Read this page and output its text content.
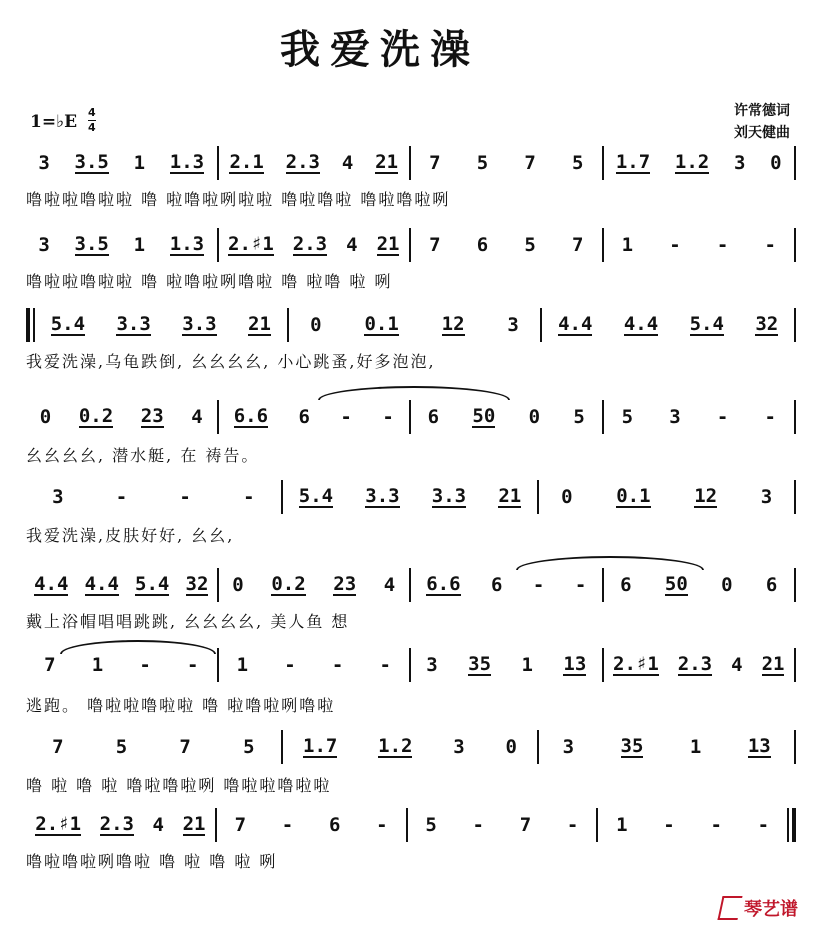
我爱洗澡
许常德词
刘天健曲
1=♭E 4
4
3 3.5 1 1.3 2.1 2.3 4 21 7 5 7 5 1.7 1.2 3 0
噜啦啦噜啦啦 噜 啦噜啦咧啦啦 噜啦噜啦 噜啦噜啦咧
3 3.5 1 1.3 2.♯1 2.3 4 21 7 6 5 7 1 - - -
噜啦啦噜啦啦 噜 啦噜啦咧噜啦 噜 啦噜 啦 咧
5.4 3.3 3.3 21 0 0.1 12 3 4.4 4.4 5.4 32
我爱洗澡,乌龟跌倒, 幺幺幺幺, 小心跳蚤,好多泡泡,
0 0.2 23 4 6.6 6 - - 6 50 0 5 5 3 - -
幺幺幺幺, 潜水艇, 在 祷告。
3	-	-	- 5.4 3.3 3.3 21 0 0.1 12 3
我爱洗澡,皮肤好好, 幺幺,
4.4 4.4 5.4 32 0 0.2 23 4 6.6 6 - - 6 50 0 6
戴上浴帽唱唱跳跳, 幺幺幺幺, 美人鱼 想
7 1 - - 1 - - - 3 35 1 13 2.♯1 2.3 4 21
逃跑。 噜啦啦噜啦啦 噜 啦噜啦咧噜啦
7	5	7	5	1.7 1.2 3 0 3 35 1 13
噜 啦 噜 啦 噜啦噜啦咧 噜啦啦噜啦啦
2.♯1 2.3 4 21 7 - 6 - 5 - 7 - 1 - - -
噜啦噜啦咧噜啦 噜 啦 噜 啦 咧
琴艺谱
